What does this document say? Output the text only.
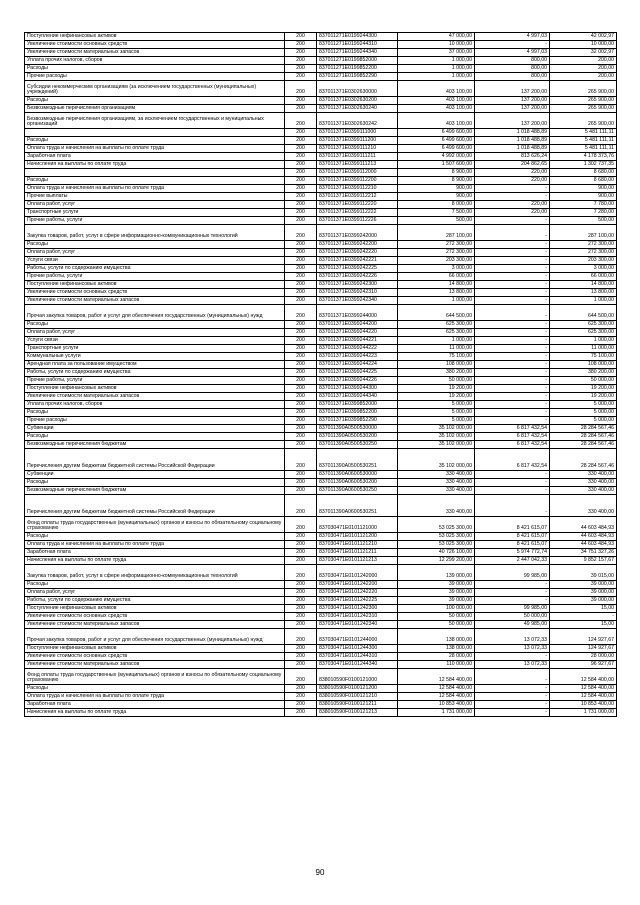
Поступление нефинансовых активов	200	837011271E0199244300	47 000,00	4 997,03	42 002,97
Увеличение стоимости основных средств	200	837011271E0199244310	10 000,00	-	10 000,00
Увеличение стоимости материальных запасов	200	837011271E0199244340	37 000,00	4 997,03	32 002,97
Уплата прочих налогов, сборов	200	837011271E0199852000	1 000,00	800,00	200,00
Расходы	200	837011271E0199852200	1 000,00	800,00	200,00
Прочие расходы	200	837011271E0199852290	1 000,00	800,00	200,00
Субсидии некоммерческим организациям (за исключением государственных (муниципальных) учреждений)	200	837011371E0302630000	403 100,00	137 200,00	265 900,00
Расходы	200	837011371E0302630200	403 100,00	137 200,00	265 900,00
Безвозмездные перечисления организациям	200	837011371E0302630240	403 100,00	137 200,00	265 900,00
Безвозмездные перечисления организациям, за исключением государственных и муниципальных организаций	200	837011371E0302630242	403 100,00	137 200,00	265 900,00
	200	837011371E0399111000	6 499 600,00	1 018 488,89	5 481 111,11
Расходы	200	837011371E0399111200	6 499 600,00	1 018 488,89	5 481 111,11
Оплата труда и начисления на выплаты по оплате труда	200	837011371E0399111210	6 499 600,00	1 018 488,89	5 481 111,11
Заработная плата	200	837011371E0399111211	4 992 000,00	813 626,24	4 178 373,76
Начисления на выплаты по оплате труда	200	837011371E0399111213	1 507 600,00	204 862,65	1 302 737,35
	200	837011371E0399112000	8 900,00	220,00	8 680,00
Расходы	200	837011371E0399112200	8 900,00	220,00	8 680,00
Оплата труда и начисления на выплаты по оплате труда	200	837011371E0399112210	900,00	-	900,00
Прочие выплаты	200	837011371E0399112212	900,00	-	900,00
Оплата работ, услуг	200	837011371E0399112220	8 000,00	220,00	7 780,00
Транспортные услуги	200	837011371E0399112222	7 500,00	220,00	7 280,00
Прочие работы, услуги	200	837011371E0399112226	500,00	-	500,00
Закупка товаров, работ, услуг в сфере информационно-коммуникационных технологий	200	837011371E0399242000	287 100,00	-	287 100,00
Расходы	200	837011371E0399242200	272 300,00	-	272 300,00
Оплата работ, услуг	200	837011371E0399242220	272 300,00	-	272 300,00
Услуги связи	200	837011371E0399242221	203 300,00	-	203 300,00
Работы, услуги по содержанию имущества	200	837011371E0399242225	3 000,00	-	3 000,00
Прочие работы, услуги	200	837011371E0399242226	66 000,00	-	66 000,00
Поступление нефинансовых активов	200	837011371E0399242300	14 800,00	-	14 800,00
Увеличение стоимости основных средств	200	837011371E0399242310	13 800,00	-	13 800,00
Увеличение стоимости материальных запасов	200	837011371E0399242340	1 000,00	-	1 000,00
Прочая закупка товаров, работ и услуг для обеспечения государственных (муниципальных) нужд	200	837011371E0399244000	644 500,00	-	644 500,00
Расходы	200	837011371E0399244200	625 300,00	-	625 300,00
Оплата работ, услуг	200	837011371E0399244220	625 300,00	-	625 300,00
Услуги связи	200	837011371E0399244221	1 000,00	-	1 000,00
Транспортные услуги	200	837011371E0399244222	11 000,00	-	11 000,00
Коммунальные услуги	200	837011371E0399244223	75 100,00	-	75 100,00
Арендная плата за пользование имуществом	200	837011371E0399244224	108 000,00	-	108 000,00
Работы, услуги по содержанию имущества	200	837011371E0399244225	380 200,00	-	380 200,00
Прочие работы, услуги	200	837011371E0399244226	50 000,00	-	50 000,00
Поступление нефинансовых активов	200	837011371E0399244300	19 200,00	-	19 200,00
Увеличение стоимости материальных запасов	200	837011371E0399244340	19 200,00	-	19 200,00
Уплата прочих налогов, сборов	200	837011371E0399852000	5 000,00	-	5 000,00
Расходы	200	837011371E0399852200	5 000,00	-	5 000,00
Прочие расходы	200	837011371E0399852290	5 000,00	-	5 000,00
Субвенции	200	837011390A0500530000	35 102 000,00	6 817 432,54	28 284 567,46
Расходы	200	837011390A0500530200	35 102 000,00	6 817 432,54	28 284 567,46
Безвозмездные перечисления бюджетам	200	837011390A0500530250	35 102 000,00	6 817 432,54	28 284 567,46
Перечисления другим бюджетам бюджетной системы Российской Федерации	200	837011390A0500530251	35 102 000,00	6 817 432,54	28 284 567,46
Субвенции	200	837011390A0600530000	330 400,00	-	330 400,00
Расходы	200	837011390A0600530200	330 400,00	-	330 400,00
Безвозмездные перечисления бюджетам	200	837011390A0600530250	330 400,00	-	330 400,00
Перечисления другим бюджетам бюджетной системы Российской Федерации	200	837011390A0600530251	330 400,00	-	330 400,00
Фонд оплаты труда государственных (муниципальных) органов и взносы по обязательному социальному страхованию	200	837030471E0101121000	53 025 300,00	8 421 615,07	44 603 484,93
Расходы	200	837030471E0101121200	53 025 300,00	8 421 615,07	44 603 484,93
Оплата труда и начисления на выплаты по оплате труда	200	837030471E0101121210	53 025 300,00	8 421 615,07	44 603 484,93
Заработная плата	200	837030471E0101121211	40 726 100,00	5 974 772,74	34 751 327,26
Начисления на выплаты по оплате труда	200	837030471E0101121213	12 299 200,00	2 447 042,33	9 852 157,67
Закупка товаров, работ, услуг в сфере информационно-коммуникационных технологий	200	837030471E0101242000	139 000,00	99 985,00	39 015,00
Расходы	200	837030471E0101242200	39 000,00	-	39 000,00
Оплата работ, услуг	200	837030471E0101242220	39 000,00	-	39 000,00
Работы, услуги по содержанию имущества	200	837030471E0101242225	39 000,00	-	39 000,00
Поступление нефинансовых активов	200	837030471E0101242300	100 000,00	99 985,00	15,00
Увеличение стоимости основных средств	200	837030471E0101242310	50 000,00	50 000,00	-
Увеличение стоимости материальных запасов	200	837030471E0101242340	50 000,00	49 985,00	15,00
Прочая закупка товаров, работ и услуг для обеспечения государственных (муниципальных) нужд	200	837030471E0101244000	138 000,00	13 072,33	124 927,67
Поступление нефинансовых активов	200	837030471E0101244300	138 000,00	13 072,33	124 927,67
Увеличение стоимости основных средств	200	837030471E0101244310	28 000,00	-	28 000,00
Увеличение стоимости материальных запасов	200	837030471E0101244340	110 000,00	13 072,33	96 927,67
Фонд оплаты труда государственных (муниципальных) органов и взносы по обязательному социальному страхованию	200	838010590F0100121000	12 584 400,00	-	12 584 400,00
Расходы	200	838010590F0100121200	12 584 400,00	-	12 584 400,00
Оплата труда и начисления на выплаты по оплате труда	200	838010590F0100121210	12 584 400,00	-	12 584 400,00
Заработная плата	200	838010590F0100121211	10 853 400,00	-	10 853 400,00
Начисления на выплаты по оплате труда	200	838010590F0100121213	1 731 000,00	-	1 731 000,00
90
